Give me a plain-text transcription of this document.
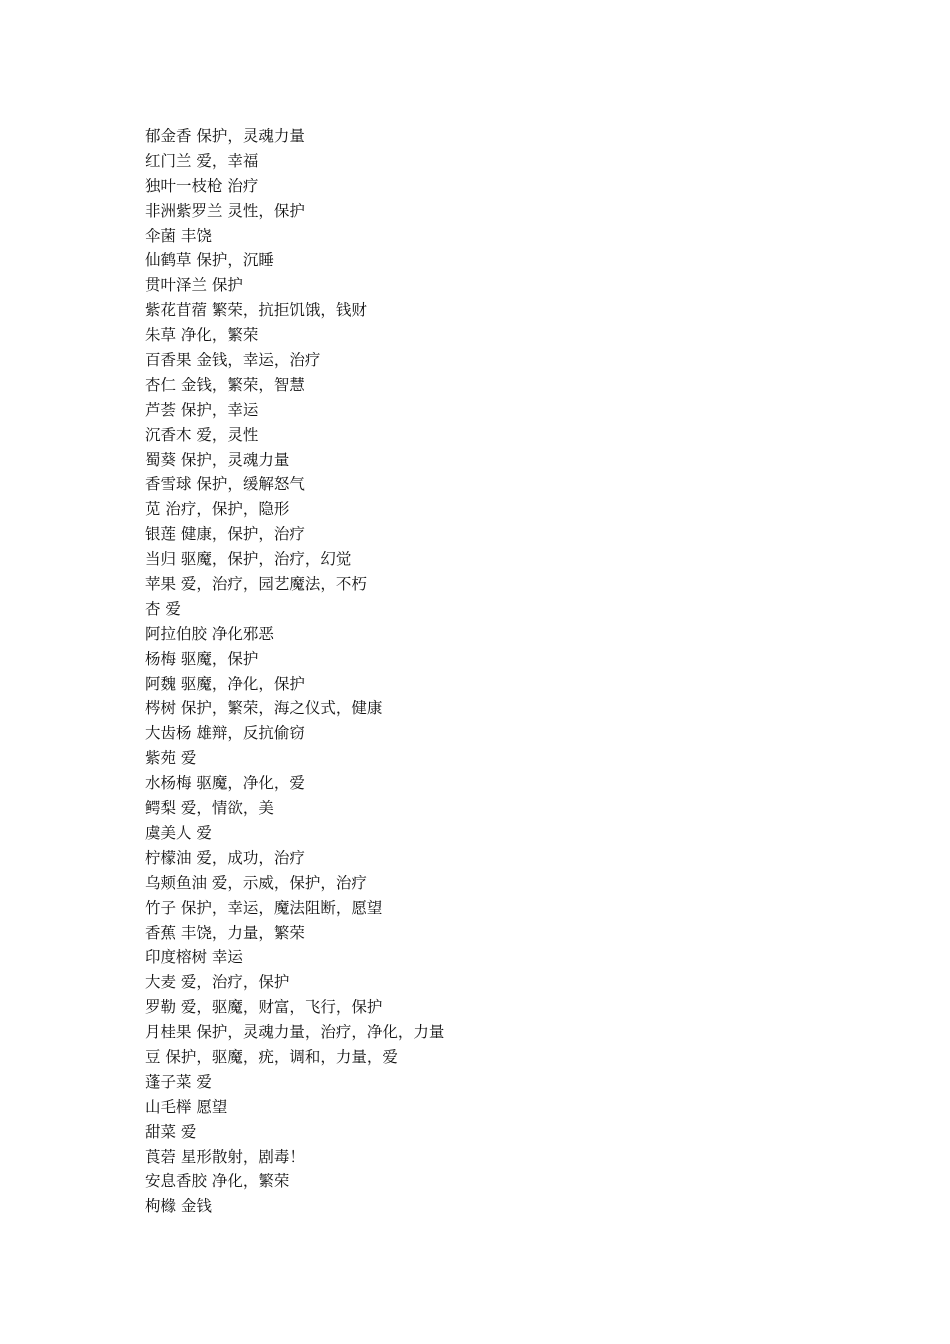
郁金香 保护，灵魂力量
红门兰 爱，幸福
独叶一枝枪 治疗
非洲紫罗兰 灵性，保护
伞菌 丰饶
仙鹤草 保护，沉睡
贯叶泽兰 保护
紫花苜蓿 繁荣，抗拒饥饿，钱财
朱草 净化，繁荣
百香果 金钱，幸运，治疗
杏仁 金钱，繁荣，智慧
芦荟 保护，幸运
沉香木 爱，灵性
蜀葵 保护，灵魂力量
香雪球 保护，缓解怒气
苋 治疗，保护，隐形
银莲 健康，保护，治疗
当归 驱魔，保护，治疗，幻觉
苹果 爱，治疗，园艺魔法，不朽
杏 爱
阿拉伯胶 净化邪恶
杨梅 驱魔，保护
阿魏 驱魔，净化，保护
梣树 保护，繁荣，海之仪式，健康
大齿杨 雄辩，反抗偷窃
紫苑 爱
水杨梅 驱魔，净化，爱
鳄梨 爱，情欲，美
虞美人 爱
柠檬油 爱，成功，治疗
乌颊鱼油 爱，示威，保护，治疗
竹子 保护，幸运，魔法阻断，愿望
香蕉 丰饶，力量，繁荣
印度榕树 幸运
大麦 爱，治疗，保护
罗勒 爱，驱魔，财富，飞行，保护
月桂果 保护，灵魂力量，治疗，净化，力量
豆 保护，驱魔，疣，调和，力量，爱
蓬子菜 爱
山毛榉 愿望
甜菜 爱
莨菪 星形散射，剧毒！
安息香胶 净化，繁荣
枸橼 金钱
